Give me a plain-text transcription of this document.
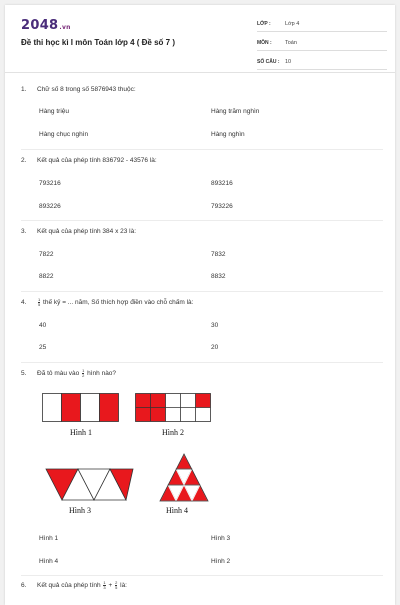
2048.vn
Đề thi học kì I môn Toán lớp 4 ( Đề số 7 )
LỚP :	Lớp 4
MÔN :	Toán
SỐ CÂU :	10
1. Chữ số 8 trong số 5876943 thuộc:
Hàng triệu	Hàng trăm nghìn
Hàng chục nghìn	Hàng nghìn
2. Kết quả của phép tính 836792 - 43576 là:
793216	893216
893226	793226
3. Kết quả của phép tính 384 x 23 là:
7822	7832
8822	8832
4.	$\frac{1}{5}$ thế kỷ = ... năm, Số thích hợp điền vào chỗ chấm là:
40	30
25	20
5. Đã tô màu vào $\frac{1}{2}$ hình nào?
Hình 1	Hình 2
Hình 3	Hình 4
Hình 1	Hình 3
Hình 4	Hình 2
6. Kết quả của phép tính $\frac{1}{3} + \frac{2}{5}$ là:
